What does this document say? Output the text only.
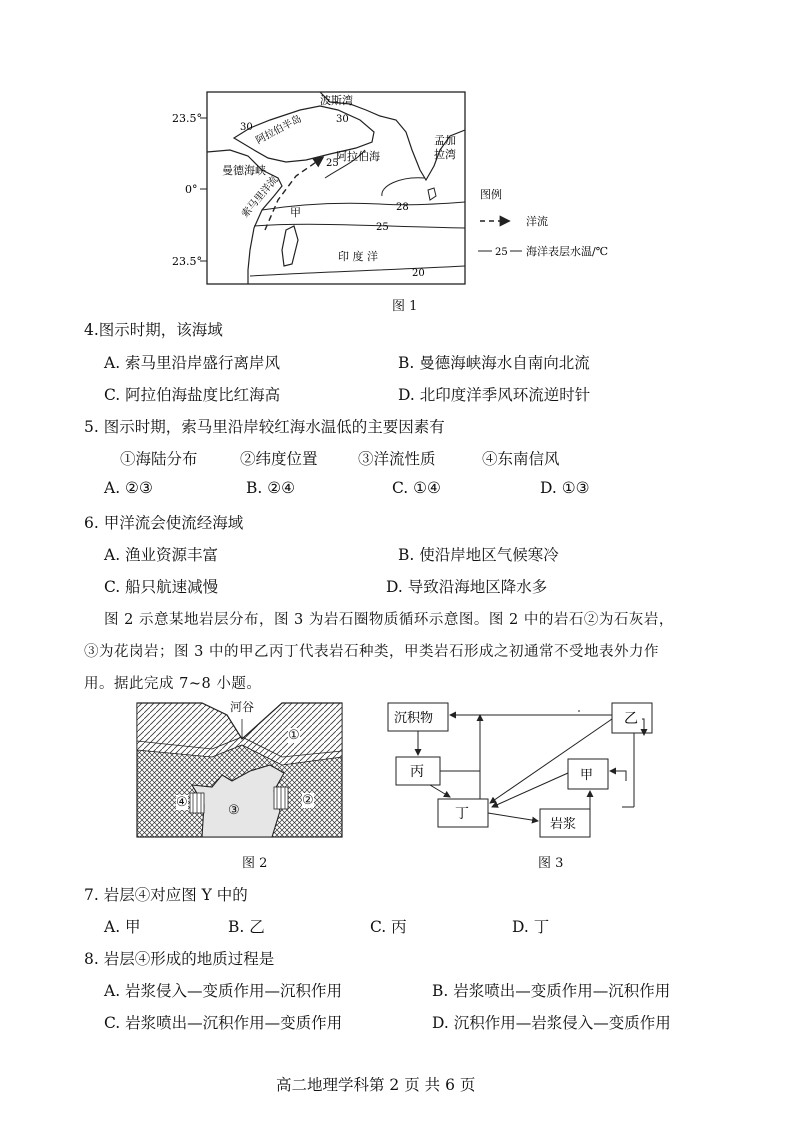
23.5°
0°
23.5°
波斯湾
阿拉伯半岛
阿拉伯海
孟加
拉湾
曼德海峡
索马里洋流 甲
印 度 洋
30
30
25
28
25
20
图例
洋流
25 海洋表层水温/℃
图 1
4.图示时期，该海域
A. 索马里沿岸盛行离岸风	B. 曼德海峡海水自南向北流
C. 阿拉伯海盐度比红海高	D. 北印度洋季风环流逆时针
5. 图示时期，索马里沿岸较红海水温低的主要因素有
①海陆分布	②纬度位置	③洋流性质	④东南信风
A. ②③	B. ②④	C. ①④	D. ①③
6. 甲洋流会使流经海域
A. 渔业资源丰富	B. 使沿岸地区气候寒冷
C. 船只航速减慢	D. 导致沿海地区降水多
图 2 示意某地岩层分布，图 3 为岩石圈物质循环示意图。图 2 中的岩石②为石灰岩，
③为花岗岩；图 3 中的甲乙丙丁代表岩石种类，甲类岩石形成之初通常不受地表外力作
用。据此完成 7~8 小题。
河谷
①
②
③
④
图 2
沉积物	乙
丙	甲
丁
岩浆
图 3
7. 岩层④对应图 Y 中的
A. 甲	B. 乙	C. 丙	D. 丁
8. 岩层④形成的地质过程是
A. 岩浆侵入—变质作用—沉积作用	B. 岩浆喷出—变质作用—沉积作用
C. 岩浆喷出—沉积作用—变质作用	D. 沉积作用—岩浆侵入—变质作用
高二地理学科第 2 页 共 6 页
